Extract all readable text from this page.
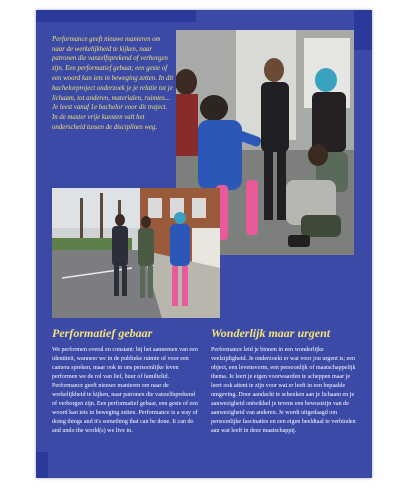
Performance geeft nieuwe manieren om naar de werkelijkheid te kijken, naar patronen die vanzelfsprekend of verborgen zijn. Een performatief gebaar, een geste of een woord kan iets in beweging zetten. In dit bachelorproject onderzoek je je relatie tot je lichaam, tot anderen, materialen, ruimtes... Je leest vanaf 1e bachelor voor dit traject. In de master vrije kunsten valt het onderscheid tussen de disciplines weg.

Performatief gebaar

We performen overal en constant: bij het aannemen van een identiteit, wanneer we in de publieke ruimte of voor een camera spreken, maar ook in ons persoonlijke leven performen we de rol van lief, buur of familielid. Performance geeft nieuwe manieren om naar de werkelijkheid te kijken, naar patronen die vanzelfsprekend of verborgen zijn. Een performatief gebaar, een geste of een woord kan iets in beweging zetten. Performance is a way of doing things and it's something that can be done. It can do and undo the world(s) we live in.

Wonderlijk maar urgent

Performance leid je binnen in een wonderlijke veelzijdigheid. Je onderzoekt er wat voor jou urgent is; een object, een levensvorm, een persoonlijk of maatschappelijk thema. Je leert je eigen voorwaarden te scheppen maar je leert ook attent te zijn voor wat er leeft in een bepaalde omgeving. Door aandacht te schenken aan je lichaam en je aanwezigheid ontwikkel je tevens een bewustzijn van de aanwezigheid van anderen. Je wordt uitgedaagd om persoonlijke fascinaties en een eigen beeldtaal te verbinden aan wat leeft in deze maatschappij.
